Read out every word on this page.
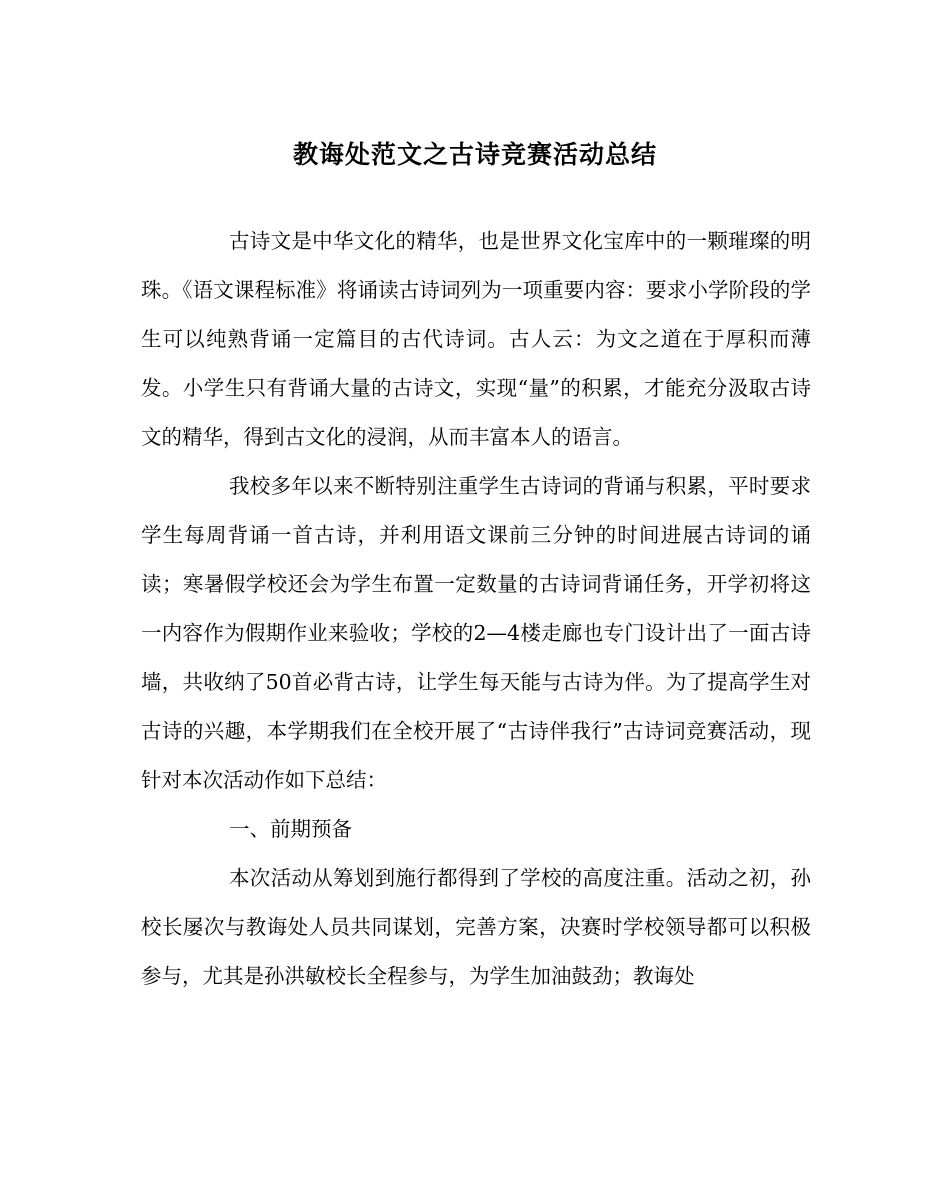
教诲处范文之古诗竞赛活动总结

古诗文是中华文化的精华，也是世界文化宝库中的一颗璀璨的明珠。《语文课程标准》将诵读古诗词列为一项重要内容：要求小学阶段的学生可以纯熟背诵一定篇目的古代诗词。古人云：为文之道在于厚积而薄发。小学生只有背诵大量的古诗文，实现“量”的积累，才能充分汲取古诗文的精华，得到古文化的浸润，从而丰富本人的语言。

我校多年以来不断特别注重学生古诗词的背诵与积累，平时要求学生每周背诵一首古诗，并利用语文课前三分钟的时间进展古诗词的诵读；寒暑假学校还会为学生布置一定数量的古诗词背诵任务，开学初将这一内容作为假期作业来验收；学校的2—4楼走廊也专门设计出了一面古诗墙，共收纳了50首必背古诗，让学生每天能与古诗为伴。为了提高学生对古诗的兴趣，本学期我们在全校开展了“古诗伴我行”古诗词竞赛活动，现针对本次活动作如下总结：

一、前期预备

本次活动从筹划到施行都得到了学校的高度注重。活动之初，孙校长屡次与教诲处人员共同谋划，完善方案，决赛时学校领导都可以积极参与，尤其是孙洪敏校长全程参与，为学生加油鼓劲；教诲处
